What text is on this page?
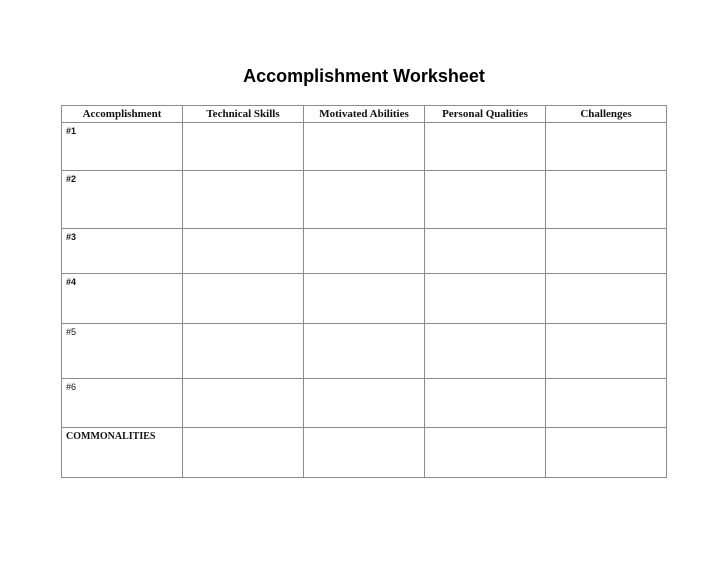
Accomplishment Worksheet
Accomplishment	Technical Skills	Motivated Abilities	Personal Qualities	Challenges

#1				

#2				

#3				

#4				

#5				

#6				

COMMONALITIES				
